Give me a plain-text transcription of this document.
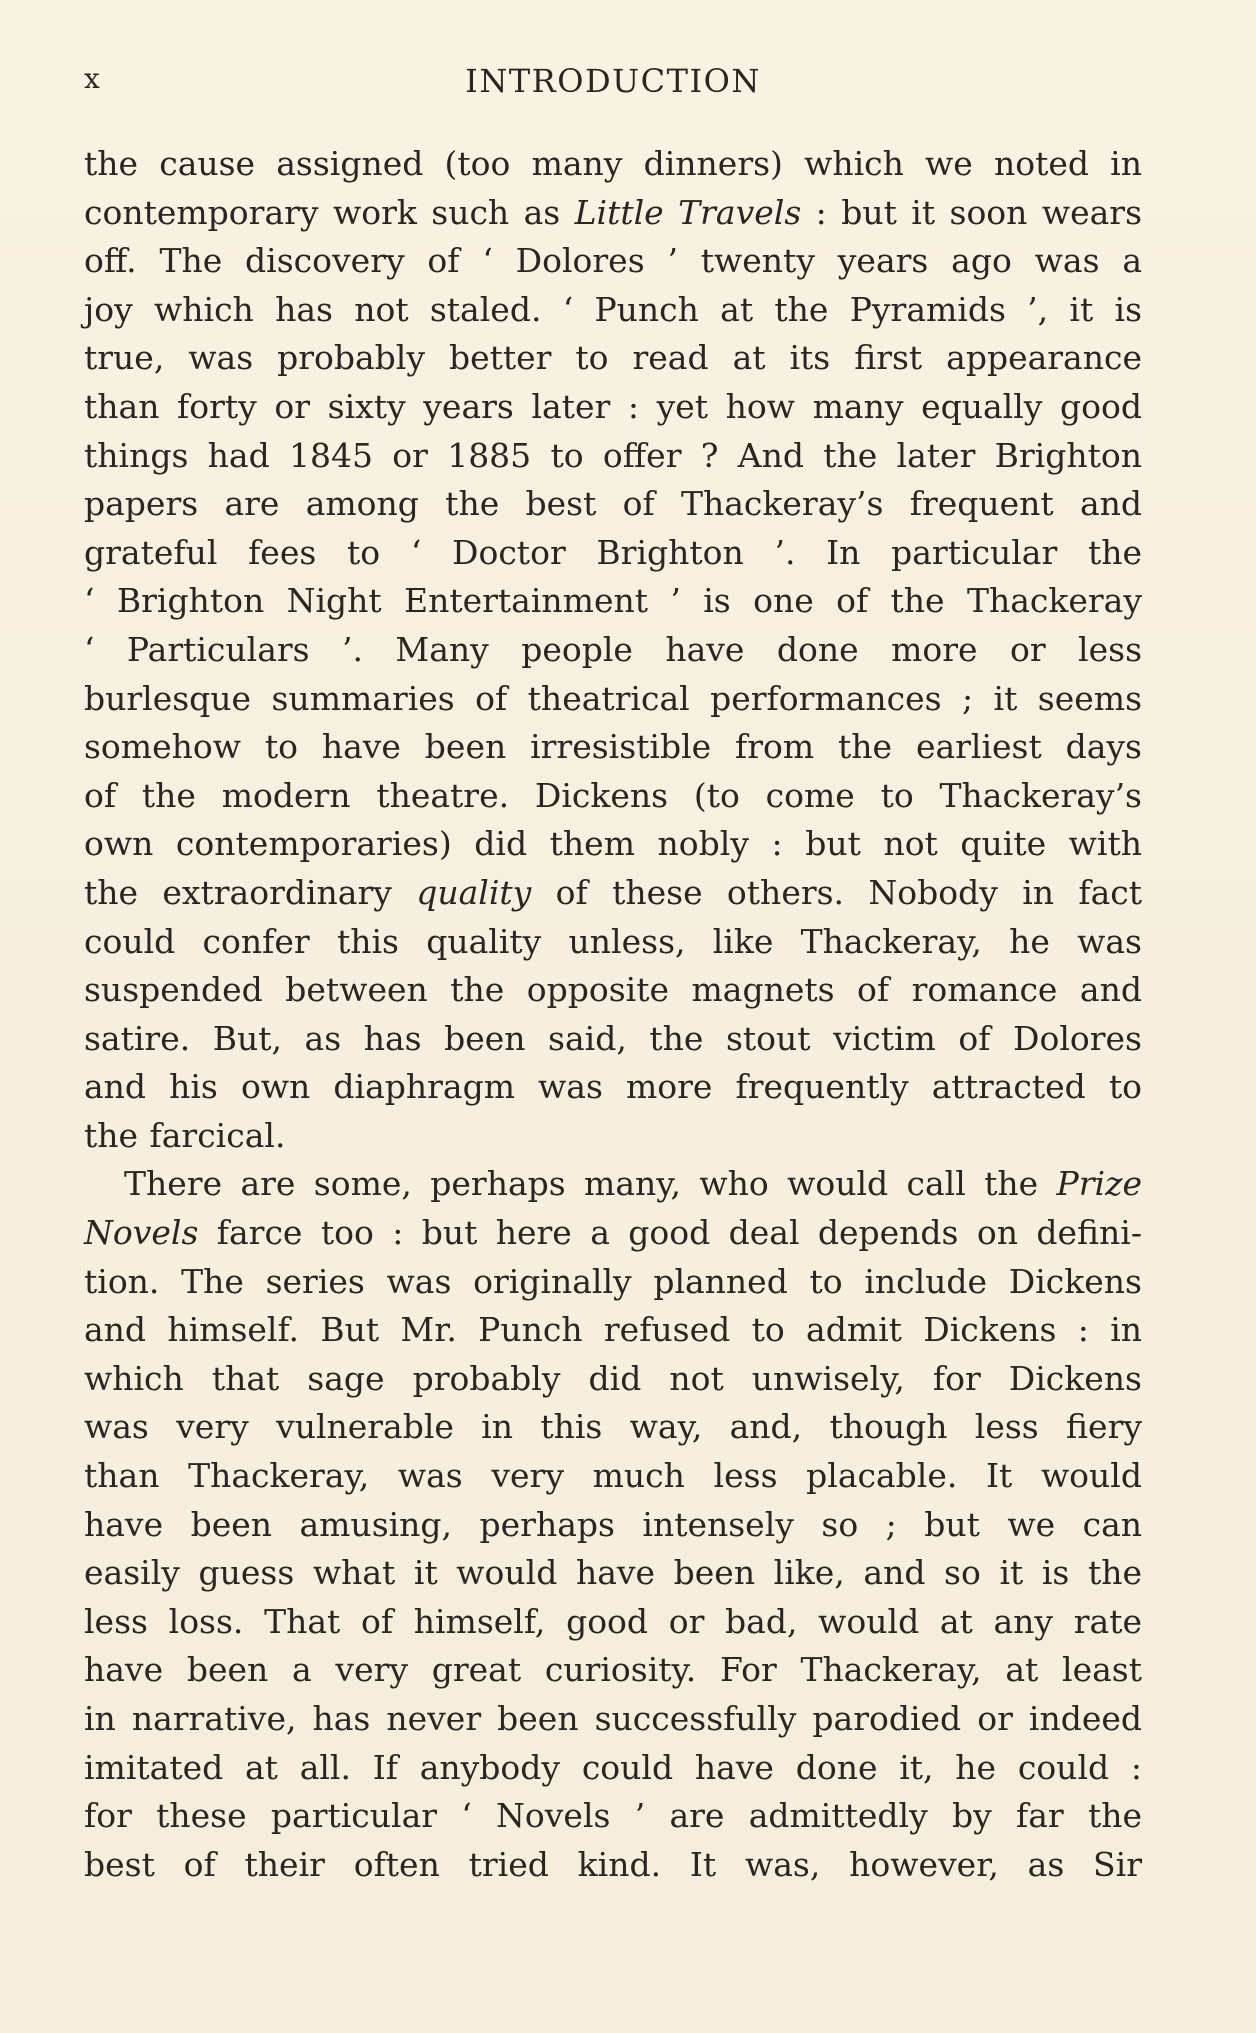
x	INTRODUCTION
the cause assigned (too many dinners) which we noted in
contemporary work such as Little Travels : but it soon wears
off. The discovery of ‘ Dolores ’ twenty years ago was a
joy which has not staled. ‘ Punch at the Pyramids ’, it is
true, was probably better to read at its first appearance
than forty or sixty years later : yet how many equally good
things had 1845 or 1885 to offer ? And the later Brighton
papers are among the best of Thackeray’s frequent and
grateful fees to ‘ Doctor Brighton ’. In particular the
‘ Brighton Night Entertainment ’ is one of the Thackeray
‘ Particulars ’. Many people have done more or less
burlesque summaries of theatrical performances ; it seems
somehow to have been irresistible from the earliest days
of the modern theatre. Dickens (to come to Thackeray’s
own contemporaries) did them nobly : but not quite with
the extraordinary quality of these others. Nobody in fact
could confer this quality unless, like Thackeray, he was
suspended between the opposite magnets of romance and
satire. But, as has been said, the stout victim of Dolores
and his own diaphragm was more frequently attracted to
the farcical.
There are some, perhaps many, who would call the Prize
Novels farce too : but here a good deal depends on defini-
tion. The series was originally planned to include Dickens
and himself. But Mr. Punch refused to admit Dickens : in
which that sage probably did not unwisely, for Dickens
was very vulnerable in this way, and, though less fiery
than Thackeray, was very much less placable. It would
have been amusing, perhaps intensely so ; but we can
easily guess what it would have been like, and so it is the
less loss. That of himself, good or bad, would at any rate
have been a very great curiosity. For Thackeray, at least
in narrative, has never been successfully parodied or indeed
imitated at all. If anybody could have done it, he could :
for these particular ‘ Novels ’ are admittedly by far the
best of their often tried kind. It was, however, as Sir
